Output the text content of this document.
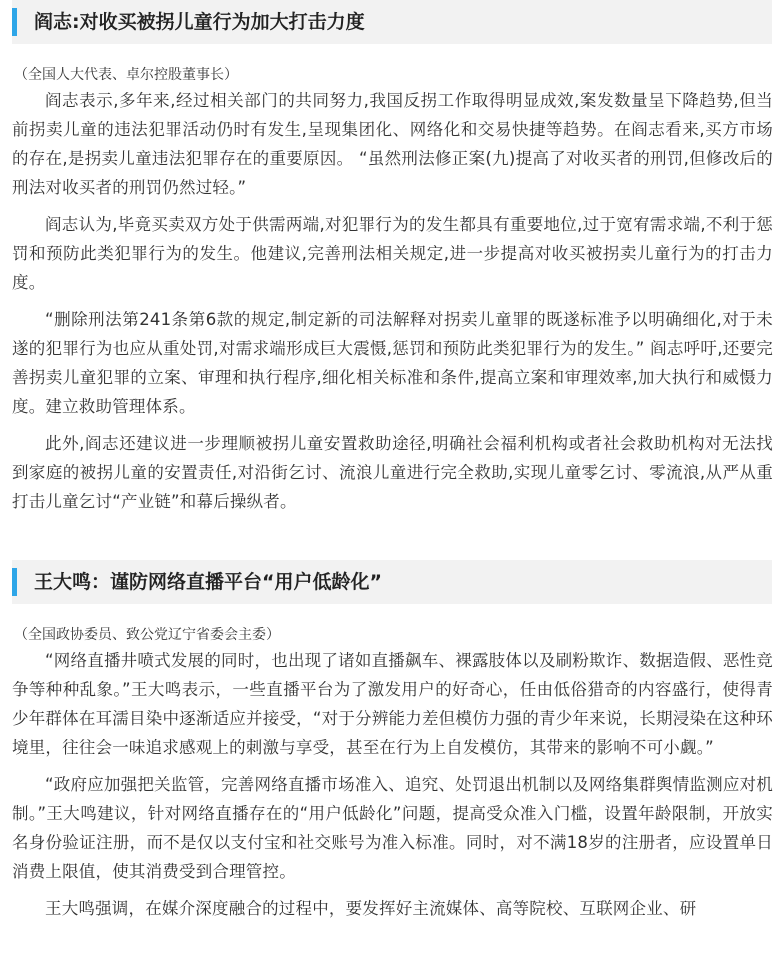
阎志:对收买被拐儿童行为加大打击力度

（全国人大代表、卓尔控股董事长）

阎志表示,多年来,经过相关部门的共同努力,我国反拐工作取得明显成效,案发数量呈下降趋势,但当前拐卖儿童的违法犯罪活动仍时有发生,呈现集团化、网络化和交易快捷等趋势。在阎志看来,买方市场的存在,是拐卖儿童违法犯罪存在的重要原因。 “虽然刑法修正案(九)提高了对收买者的刑罚,但修改后的刑法对收买者的刑罚仍然过轻。”

阎志认为,毕竟买卖双方处于供需两端,对犯罪行为的发生都具有重要地位,过于宽宥需求端,不利于惩罚和预防此类犯罪行为的发生。他建议,完善刑法相关规定,进一步提高对收买被拐卖儿童行为的打击力度。

“删除刑法第241条第6款的规定,制定新的司法解释对拐卖儿童罪的既遂标准予以明确细化,对于未遂的犯罪行为也应从重处罚,对需求端形成巨大震慑,惩罚和预防此类犯罪行为的发生。” 阎志呼吁,还要完善拐卖儿童犯罪的立案、审理和执行程序,细化相关标准和条件,提高立案和审理效率,加大执行和威慑力度。建立救助管理体系。

此外,阎志还建议进一步理顺被拐儿童安置救助途径,明确社会福利机构或者社会救助机构对无法找到家庭的被拐儿童的安置责任,对沿街乞讨、流浪儿童进行完全救助,实现儿童零乞讨、零流浪,从严从重打击儿童乞讨“产业链”和幕后操纵者。

王大鸣：谨防网络直播平台“用户低龄化”

（全国政协委员、致公党辽宁省委会主委）

“网络直播井喷式发展的同时，也出现了诸如直播飙车、裸露肢体以及刷粉欺诈、数据造假、恶性竞争等种种乱象。”王大鸣表示，一些直播平台为了激发用户的好奇心，任由低俗猎奇的内容盛行，使得青少年群体在耳濡目染中逐渐适应并接受，“对于分辨能力差但模仿力强的青少年来说，长期浸染在这种环境里，往往会一味追求感观上的刺激与享受，甚至在行为上自发模仿，其带来的影响不可小觑。”

“政府应加强把关监管，完善网络直播市场准入、追究、处罚退出机制以及网络集群舆情监测应对机制。”王大鸣建议，针对网络直播存在的“用户低龄化”问题，提高受众准入门槛，设置年龄限制，开放实名身份验证注册，而不是仅以支付宝和社交账号为准入标准。同时，对不满18岁的注册者，应设置单日消费上限值，使其消费受到合理管控。

王大鸣强调，在媒介深度融合的过程中，要发挥好主流媒体、高等院校、互联网企业、研
